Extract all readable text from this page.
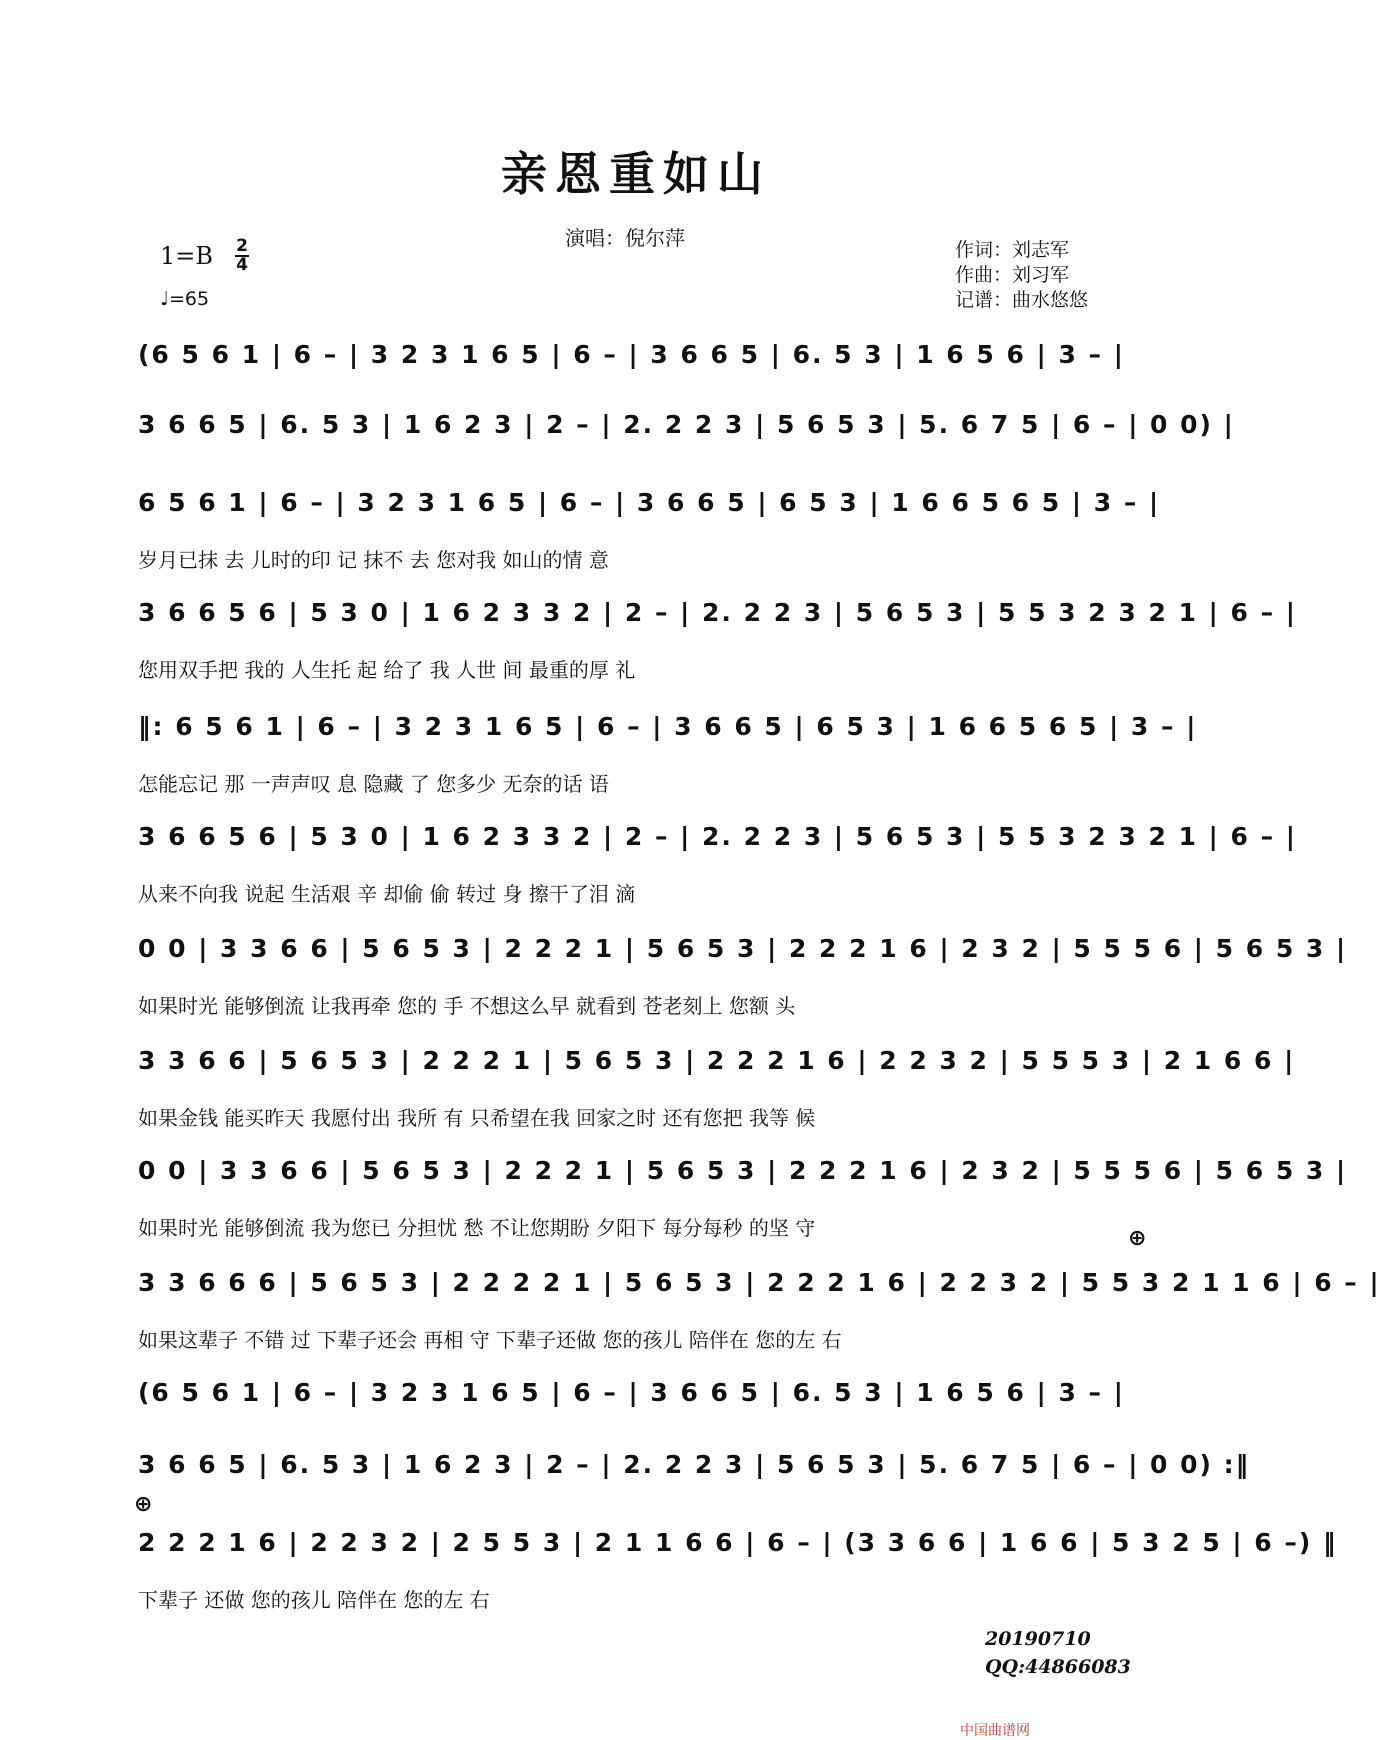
亲恩重如山
演唱：倪尔萍
1=B 2
4
♩=65
作词：刘志军
作曲：刘习军
记谱：曲水悠悠
(6 5 6 1 | 6 – | 3 2 3 1 6 5 | 6 – | 3 6 6 5 | 6. 5 3 | 1 6 5 6 | 3 – |
3 6 6 5 | 6. 5 3 | 1 6 2 3 | 2 – | 2. 2 2 3 | 5 6 5 3 | 5. 6 7 5 | 6 – | 0 0) |
6 5 6 1 | 6 – | 3 2 3 1 6 5 | 6 – | 3 6 6 5 | 6 5 3 | 1 6 6 5 6 5 | 3 – |
岁月已抹 去 儿时的印 记 抹不 去 您对我 如山的情 意
3 6 6 5 6 | 5 3 0 | 1 6 2 3 3 2 | 2 – | 2. 2 2 3 | 5 6 5 3 | 5 5 3 2 3 2 1 | 6 – |
您用双手把 我的 人生托 起 给了 我 人世 间 最重的厚 礼
‖: 6 5 6 1 | 6 – | 3 2 3 1 6 5 | 6 – | 3 6 6 5 | 6 5 3 | 1 6 6 5 6 5 | 3 – |
怎能忘记 那 一声声叹 息 隐藏 了 您多少 无奈的话 语
3 6 6 5 6 | 5 3 0 | 1 6 2 3 3 2 | 2 – | 2. 2 2 3 | 5 6 5 3 | 5 5 3 2 3 2 1 | 6 – |
从来不向我 说起 生活艰 辛 却偷 偷 转过 身 擦干了泪 滴
0 0 | 3 3 6 6 | 5 6 5 3 | 2 2 2 1 | 5 6 5 3 | 2 2 2 1 6 | 2 3 2 | 5 5 5 6 | 5 6 5 3 |
如果时光 能够倒流 让我再牵 您的 手 不想这么早 就看到 苍老刻上 您额 头
3 3 6 6 | 5 6 5 3 | 2 2 2 1 | 5 6 5 3 | 2 2 2 1 6 | 2 2 3 2 | 5 5 5 3 | 2 1 6 6 |
如果金钱 能买昨天 我愿付出 我所 有 只希望在我 回家之时 还有您把 我等 候
0 0 | 3 3 6 6 | 5 6 5 3 | 2 2 2 1 | 5 6 5 3 | 2 2 2 1 6 | 2 3 2 | 5 5 5 6 | 5 6 5 3 |
如果时光 能够倒流 我为您已 分担忧 愁 不让您期盼 夕阳下 每分每秒 的坚 守
3 3 6 6 6 | 5 6 5 3 | 2 2 2 2 1 | 5 6 5 3 | 2 2 2 1 6 | 2 2 3 2 | 5 5 3 2 1 1 6 | 6 – |
如果这辈子 不错 过 下辈子还会 再相 守 下辈子还做 您的孩儿 陪伴在 您的左 右
⊕
(6 5 6 1 | 6 – | 3 2 3 1 6 5 | 6 – | 3 6 6 5 | 6. 5 3 | 1 6 5 6 | 3 – |
3 6 6 5 | 6. 5 3 | 1 6 2 3 | 2 – | 2. 2 2 3 | 5 6 5 3 | 5. 6 7 5 | 6 – | 0 0) :‖
⊕
2 2 2 1 6 | 2 2 3 2 | 2 5 5 3 | 2 1 1 6 6 | 6 – | (3 3 6 6 | 1 6 6 | 5 3 2 5 | 6 –) ‖
下辈子 还做 您的孩儿 陪伴在 您的左 右
20190710
QQ:44866083
中国曲谱网
